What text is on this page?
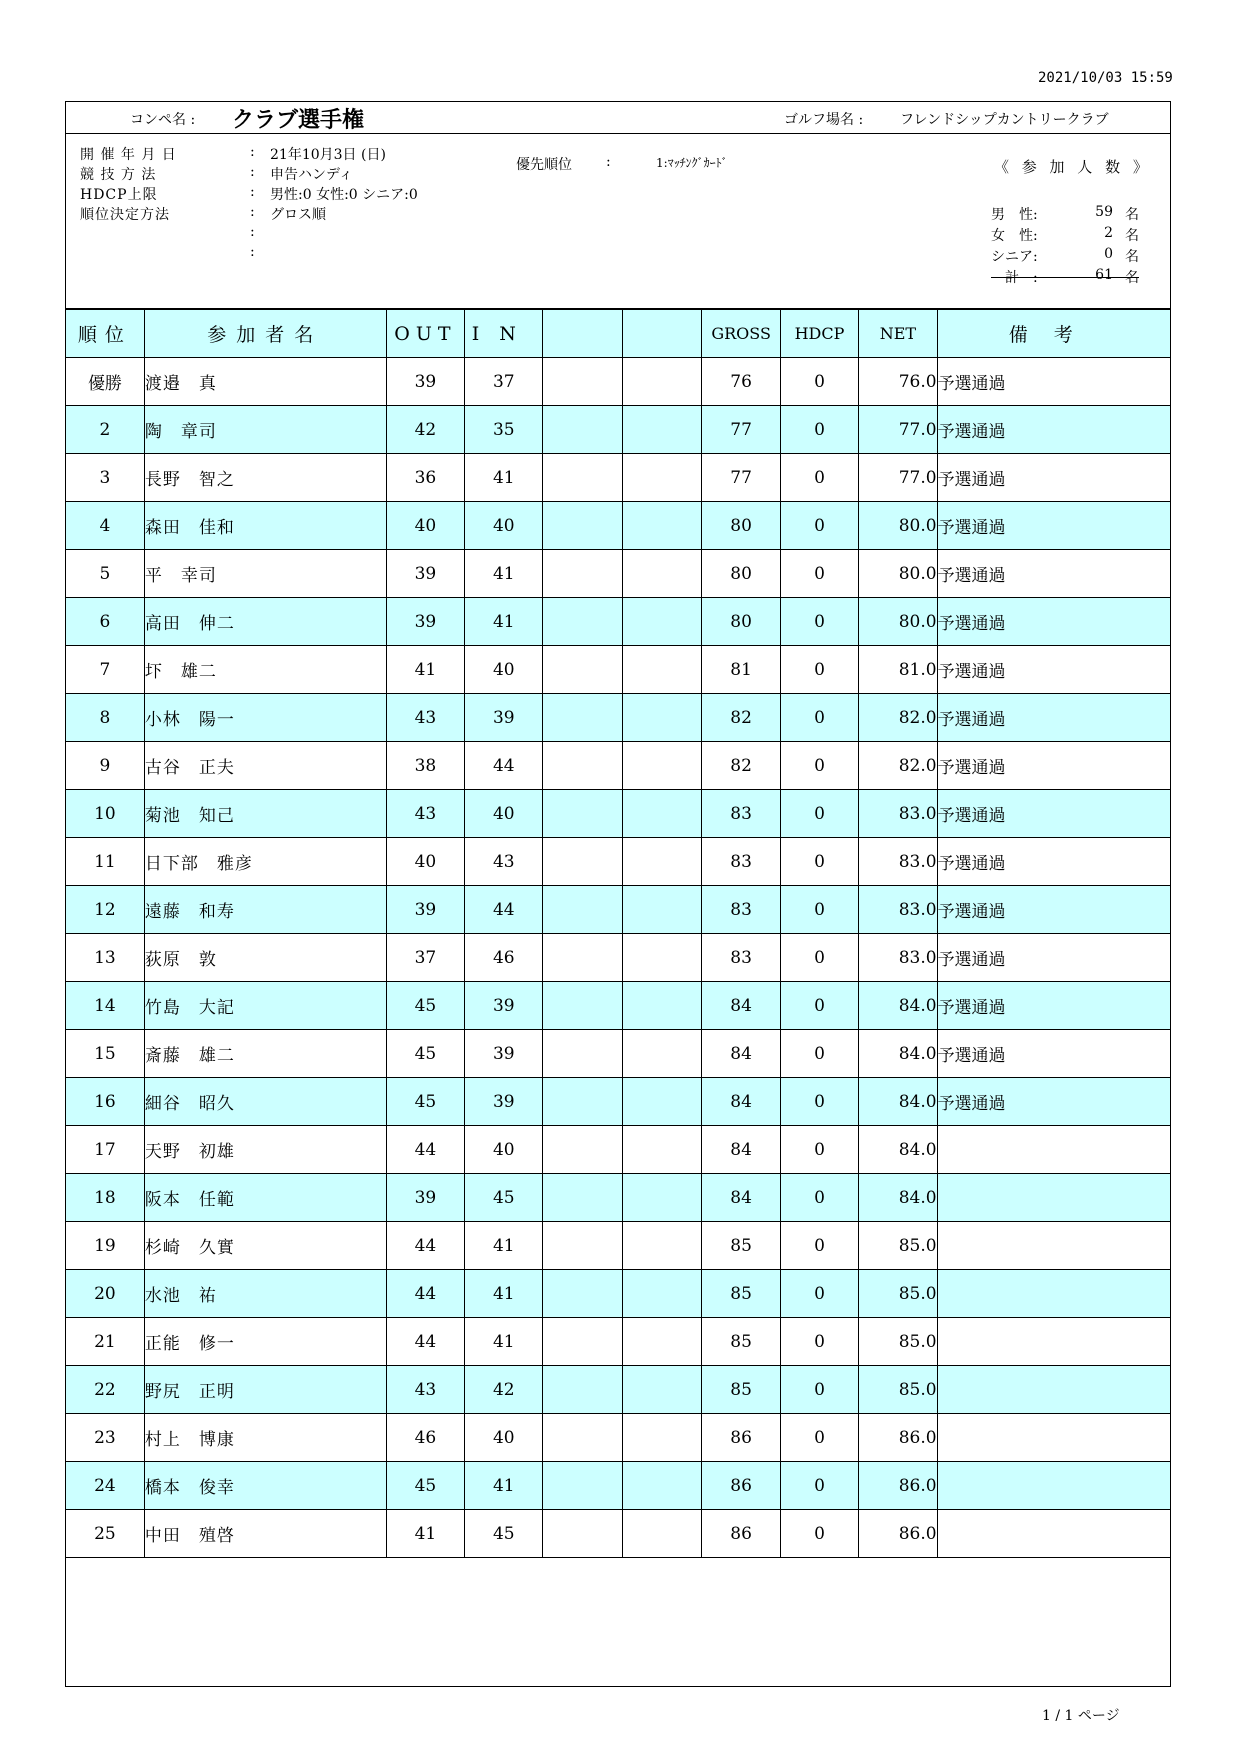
2021/10/03 15:59
コンペ名 : クラブ選手権	ゴルフ場名 :	フレンドシップカントリークラブ
開 催 年 月 日	: 21年10月3日 (日)
競 技 方 法	: 申告ハンディ
HDCP上限	: 男性:0 女性:0 シニア:0
順位決定方法	: グロス順
:
:
優先順位 :	1:ﾏｯﾁﾝｸﾞｶｰﾄﾞ	《 参 加 人 数 》
男　性:	59 名
女　性:	2 名
シニア:	0 名
　計　:	61 名
順位	参加者名	OUT	IN			GROSS	HDCP	NET	備考
優勝	渡邉　真	39	37			76	0	76.0	予選通過
2	陶　章司	42	35			77	0	77.0	予選通過
3	長野　智之	36	41			77	0	77.0	予選通過
4	森田　佳和	40	40			80	0	80.0	予選通過
5	平　幸司	39	41			80	0	80.0	予選通過
6	高田　伸二	39	41			80	0	80.0	予選通過
7	圷　雄二	41	40			81	0	81.0	予選通過
8	小林　陽一	43	39			82	0	82.0	予選通過
9	古谷　正夫	38	44			82	0	82.0	予選通過
10	菊池　知己	43	40			83	0	83.0	予選通過
11	日下部　雅彦	40	43			83	0	83.0	予選通過
12	遠藤　和寿	39	44			83	0	83.0	予選通過
13	荻原　敦	37	46			83	0	83.0	予選通過
14	竹島　大記	45	39			84	0	84.0	予選通過
15	斎藤　雄二	45	39			84	0	84.0	予選通過
16	細谷　昭久	45	39			84	0	84.0	予選通過
17	天野　初雄	44	40			84	0	84.0	
18	阪本　任範	39	45			84	0	84.0	
19	杉崎　久實	44	41			85	0	85.0	
20	水池　祐	44	41			85	0	85.0	
21	正能　修一	44	41			85	0	85.0	
22	野尻　正明	43	42			85	0	85.0	
23	村上　博康	46	40			86	0	86.0	
24	橋本　俊幸	45	41			86	0	86.0	
25	中田　殖啓	41	45			86	0	86.0	
1 / 1 ページ
